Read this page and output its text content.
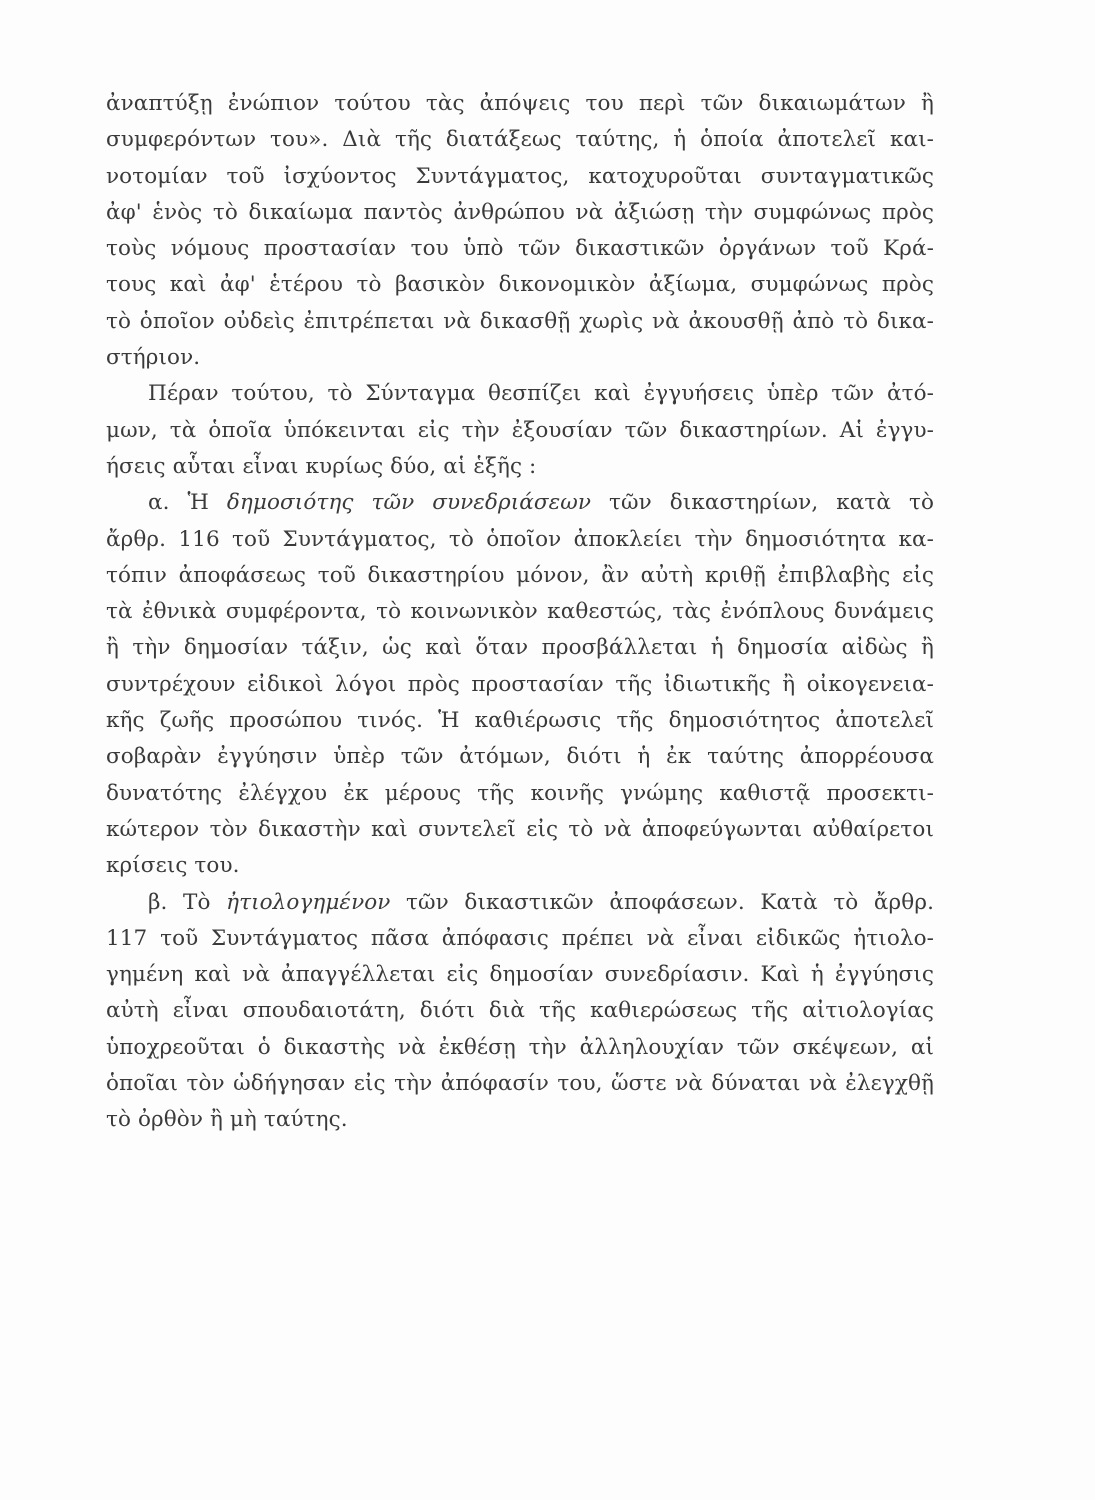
ἀναπτύξῃ ἐνώπιον τούτου τὰς ἀπόψεις του περὶ τῶν δικαιωμάτων ἢ
συμφερόντων του». Διὰ τῆς διατάξεως ταύτης, ἡ ὁποία ἀποτελεῖ και-
νοτομίαν τοῦ ἰσχύοντος Συντάγματος, κατοχυροῦται συνταγματικῶς
ἀφ' ἑνὸς τὸ δικαίωμα παντὸς ἀνθρώπου νὰ ἀξιώσῃ τὴν συμφώνως πρὸς
τοὺς νόμους προστασίαν του ὑπὸ τῶν δικαστικῶν ὀργάνων τοῦ Κρά-
τους καὶ ἀφ' ἑτέρου τὸ βασικὸν δικονομικὸν ἀξίωμα, συμφώνως πρὸς
τὸ ὁποῖον οὐδεὶς ἐπιτρέπεται νὰ δικασθῇ χωρὶς νὰ ἀκουσθῇ ἀπὸ τὸ δικα-
στήριον.
Πέραν τούτου, τὸ Σύνταγμα θεσπίζει καὶ ἐγγυήσεις ὑπὲρ τῶν ἀτό-
μων, τὰ ὁποῖα ὑπόκεινται εἰς τὴν ἐξουσίαν τῶν δικαστηρίων. Αἱ ἐγγυ-
ήσεις αὗται εἶναι κυρίως δύο, αἱ ἑξῆς :
α. Ἡ δημοσιότης τῶν συνεδριάσεων τῶν δικαστηρίων, κατὰ τὸ
ἄρθρ. 116 τοῦ Συντάγματος, τὸ ὁποῖον ἀποκλείει τὴν δημοσιότητα κα-
τόπιν ἀποφάσεως τοῦ δικαστηρίου μόνον, ἂν αὐτὴ κριθῇ ἐπιβλαβὴς εἰς
τὰ ἐθνικὰ συμφέροντα, τὸ κοινωνικὸν καθεστώς, τὰς ἐνόπλους δυνάμεις
ἢ τὴν δημοσίαν τάξιν, ὡς καὶ ὅταν προσβάλλεται ἡ δημοσία αἰδὼς ἢ
συντρέχουν εἰδικοὶ λόγοι πρὸς προστασίαν τῆς ἰδιωτικῆς ἢ οἰκογενεια-
κῆς ζωῆς προσώπου τινός. Ἡ καθιέρωσις τῆς δημοσιότητος ἀποτελεῖ
σοβαρὰν ἐγγύησιν ὑπὲρ τῶν ἀτόμων, διότι ἡ ἐκ ταύτης ἀπορρέουσα
δυνατότης ἐλέγχου ἐκ μέρους τῆς κοινῆς γνώμης καθιστᾷ προσεκτι-
κώτερον τὸν δικαστὴν καὶ συντελεῖ εἰς τὸ νὰ ἀποφεύγωνται αὐθαίρετοι
κρίσεις του.
β. Τὸ ἠτιολογημένον τῶν δικαστικῶν ἀποφάσεων. Κατὰ τὸ ἄρθρ.
117 τοῦ Συντάγματος πᾶσα ἀπόφασις πρέπει νὰ εἶναι εἰδικῶς ἠτιολο-
γημένη καὶ νὰ ἀπαγγέλλεται εἰς δημοσίαν συνεδρίασιν. Καὶ ἡ ἐγγύησις
αὐτὴ εἶναι σπουδαιοτάτη, διότι διὰ τῆς καθιερώσεως τῆς αἰτιολογίας
ὑποχρεοῦται ὁ δικαστὴς νὰ ἐκθέσῃ τὴν ἀλληλουχίαν τῶν σκέψεων, αἱ
ὁποῖαι τὸν ὡδήγησαν εἰς τὴν ἀπόφασίν του, ὥστε νὰ δύναται νὰ ἐλεγχθῇ
τὸ ὀρθὸν ἢ μὴ ταύτης.
